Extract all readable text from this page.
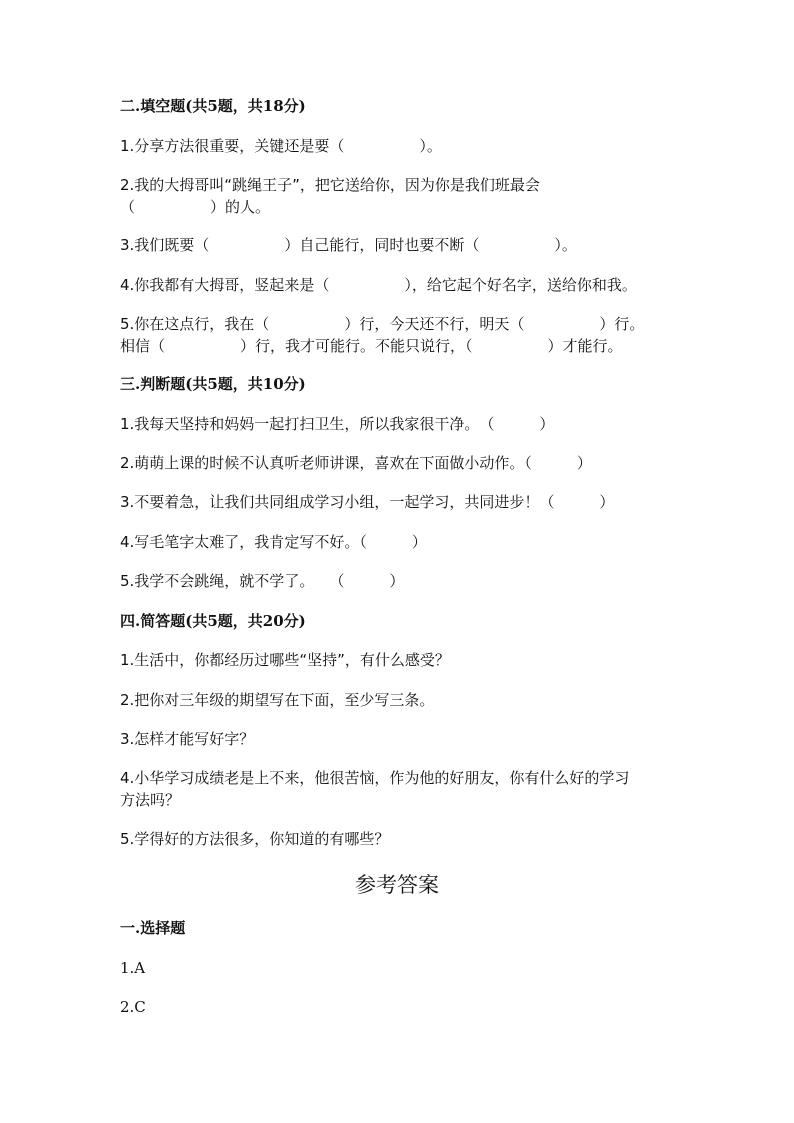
二.填空题(共5题，共18分)
1.分享方法很重要，关键还是要（　　　　　）。
2.我的大拇哥叫“跳绳王子”，把它送给你，因为你是我们班最会
（　　　　　）的人。
3.我们既要（　　　　　）自己能行，同时也要不断（　　　　　）。
4.你我都有大拇哥，竖起来是（　　　　　），给它起个好名字，送给你和我。
5.你在这点行，我在（　　　　　）行，今天还不行，明天（　　　　　）行。
相信（　　　　　）行，我才可能行。不能只说行，（　　　　　）才能行。
三.判断题(共5题，共10分)
1.我每天坚持和妈妈一起打扫卫生，所以我家很干净。　（　　　）
2.萌萌上课的时候不认真听老师讲课，喜欢在下面做小动作。（　　　）
3.不要着急，让我们共同组成学习小组，一起学习，共同进步！（　　　）
4.写毛笔字太难了，我肯定写不好。（　　　）
5.我学不会跳绳，就不学了。　　（　　　）
四.简答题(共5题，共20分)
1.生活中，你都经历过哪些“坚持”，有什么感受？
2.把你对三年级的期望写在下面，至少写三条。
3.怎样才能写好字？
4.小华学习成绩老是上不来，他很苦恼，作为他的好朋友，你有什么好的学习
方法吗？
5.学得好的方法很多，你知道的有哪些？
参考答案
一.选择题
1.A
2.C
